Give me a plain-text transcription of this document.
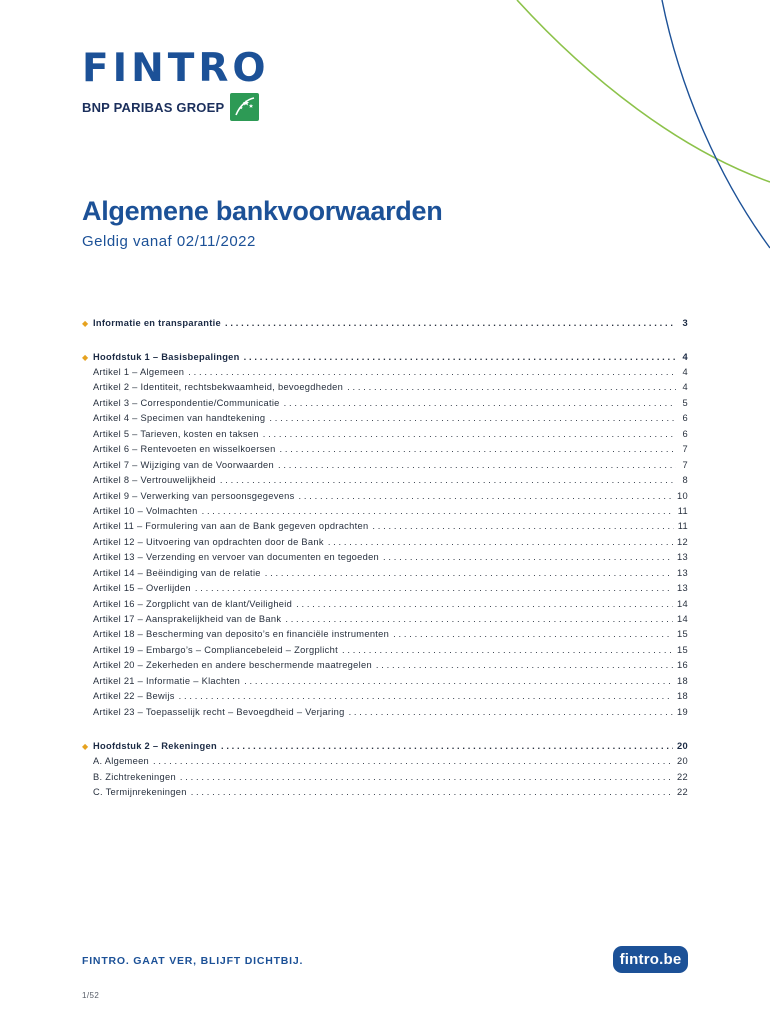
FINTRO
BNP PARIBAS GROEP
Algemene bankvoorwaarden

Geldig vanaf 02/11/2022

◆ Informatie en transparantie . . .	3
◆ Hoofdstuk 1 – Basisbepalingen . . .	4
Artikel 1 – Algemeen . . .	4
Artikel 2 – Identiteit, rechtsbekwaamheid, bevoegdheden . . .	4
Artikel 3 – Correspondentie/Communicatie . . .	5
Artikel 4 – Specimen van handtekening . . .	6
Artikel 5 – Tarieven, kosten en taksen . . .	6
Artikel 6 – Rentevoeten en wisselkoersen . . .	7
Artikel 7 – Wijziging van de Voorwaarden . . .	7
Artikel 8 – Vertrouwelijkheid . . .	8
Artikel 9 – Verwerking van persoonsgegevens . . .	10
Artikel 10 – Volmachten . . .	11
Artikel 11 – Formulering van aan de Bank gegeven opdrachten . . .	11
Artikel 12 – Uitvoering van opdrachten door de Bank . . .	12
Artikel 13 – Verzending en vervoer van documenten en tegoeden . . .	13
Artikel 14 – Beëindiging van de relatie . . .	13
Artikel 15 – Overlijden . . .	13
Artikel 16 – Zorgplicht van de klant/Veiligheid . . .	14
Artikel 17 – Aansprakelijkheid van de Bank . . .	14
Artikel 18 – Bescherming van deposito’s en financiële instrumenten . . .	15
Artikel 19 – Embargo’s – Compliancebeleid – Zorgplicht . . .	15
Artikel 20 – Zekerheden en andere beschermende maatregelen . . .	16
Artikel 21 – Informatie – Klachten . . .	18
Artikel 22 – Bewijs . . .	18
Artikel 23 – Toepasselijk recht – Bevoegdheid – Verjaring . . .	19
◆ Hoofdstuk 2 – Rekeningen . . .	20
A. Algemeen . . .	20
B. Zichtrekeningen . . .	22
C. Termijnrekeningen . . .	22
FINTRO. GAAT VER, BLIJFT DICHTBIJ.	fintro.be
1/52
